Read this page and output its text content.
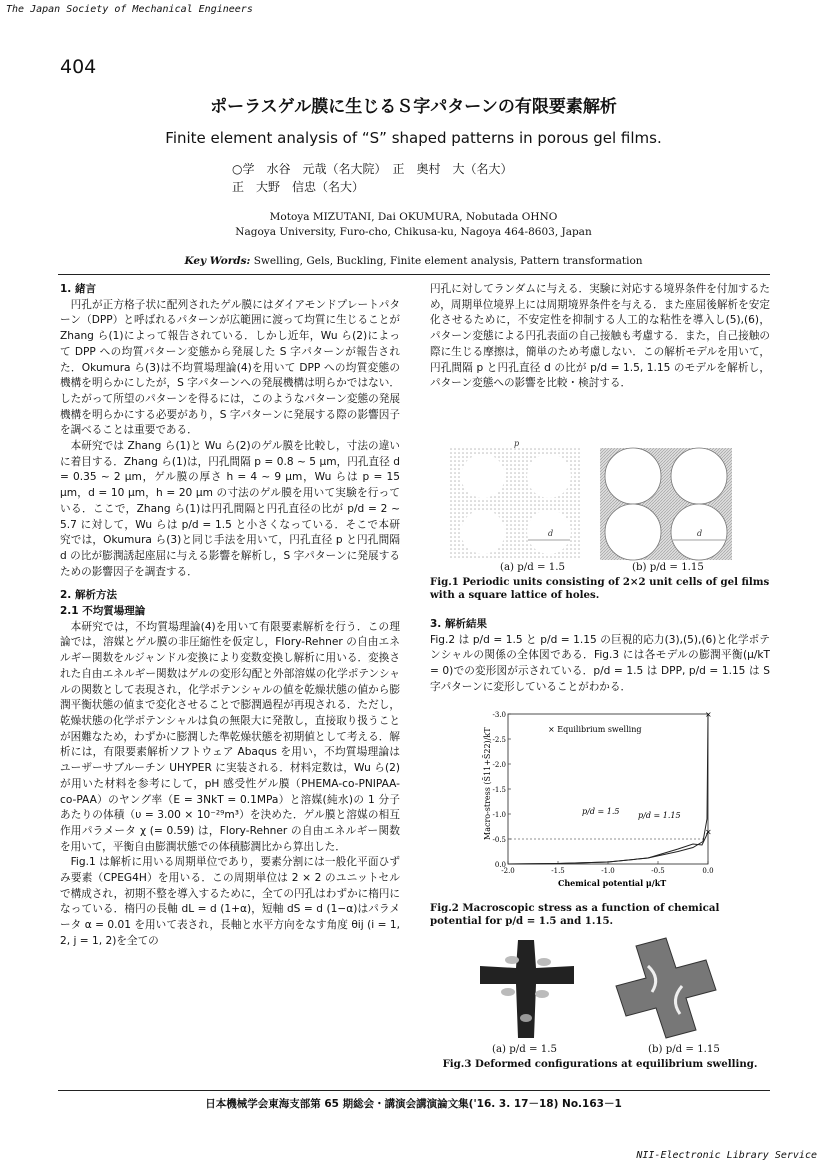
The Japan Society of Mechanical Engineers
404
ポーラスゲル膜に生じるＳ字パターンの有限要素解析
Finite element analysis of “S” shaped patterns in porous gel films.
○学　水谷　元哉（名大院）　正　奥村　大（名大）
正　大野　信忠（名大）
Motoya MIZUTANI, Dai OKUMURA, Nobutada OHNO
Nagoya University, Furo-cho, Chikusa-ku, Nagoya 464-8603, Japan
Key Words: Swelling, Gels, Buckling, Finite element analysis, Pattern transformation

1. 緒言

円孔が正方格子状に配列されたゲル膜にはダイアモンドプレートパターン（DPP）と呼ばれるパターンが広範囲に渡って均質に生じることが Zhang ら(1)によって報告されている．しかし近年，Wu ら(2)によって DPP への均質パターン変態から発展した S 字パターンが報告された．Okumura ら(3)は不均質場理論(4)を用いて DPP への均質変態の機構を明らかにしたが，S 字パターンへの発展機構は明らかではない．したがって所望のパターンを得るには，このようなパターン変態の発展機構を明らかにする必要があり，S 字パターンに発展する際の影響因子を調べることは重要である．

本研究では Zhang ら(1)と Wu ら(2)のゲル膜を比較し，寸法の違いに着目する．Zhang ら(1)は，円孔間隔 p = 0.8 ~ 5 μm，円孔直径 d = 0.35 ~ 2 μm，ゲル膜の厚さ h = 4 ~ 9 μm，Wu らは p = 15 μm，d = 10 μm，h = 20 μm の寸法のゲル膜を用いて実験を行っている．ここで，Zhang ら(1)は円孔間隔と円孔直径の比が p/d = 2 ~ 5.7 に対して，Wu らは p/d = 1.5 と小さくなっている．そこで本研究では，Okumura ら(3)と同じ手法を用いて，円孔直径 p と円孔間隔 d の比が膨潤誘起座屈に与える影響を解析し，S 字パターンに発展するための影響因子を調査する．

2. 解析方法

2.1 不均質場理論

本研究では，不均質場理論(4)を用いて有限要素解析を行う．この理論では，溶媒とゲル膜の非圧縮性を仮定し，Flory-Rehner の自由エネルギー関数をルジャンドル変換により変数変換し解析に用いる．変換された自由エネルギー関数はゲルの変形勾配と外部溶媒の化学ポテンシャルの関数として表現され，化学ポテンシャルの値を乾燥状態の値から膨潤平衡状態の値まで変化させることで膨潤過程が再現される．ただし，乾燥状態の化学ポテンシャルは負の無限大に発散し，直接取り扱うことが困難なため，わずかに膨潤した準乾燥状態を初期値として考える．解析には，有限要素解析ソフトウェア Abaqus を用い，不均質場理論はユーザーサブルーチン UHYPER に実装される．材料定数は，Wu ら(2)が用いた材料を参考にして，pH 感受性ゲル膜（PHEMA-co-PNIPAA-co-PAA）のヤング率（E = 3NkT = 0.1MPa）と溶媒(純水)の 1 分子あたりの体積（υ = 3.00 × 10⁻²⁹m³）を決めた．ゲル膜と溶媒の相互作用パラメータ χ (= 0.59) は，Flory-Rehner の自由エネルギー関数を用いて，平衡自由膨潤状態での体積膨潤比から算出した．

Fig.1 は解析に用いる周期単位であり，要素分割には一般化平面ひずみ要素（CPEG4H）を用いる．この周期単位は 2 × 2 のユニットセルで構成され，初期不整を導入するために，全ての円孔はわずかに楕円になっている．楕円の長軸 dL = d (1+α)，短軸 dS = d (1−α)はパラメータ α = 0.01 を用いて表され，長軸と水平方向をなす角度 θij (i = 1, 2, j = 1, 2)を全ての

円孔に対してランダムに与える．実験に対応する境界条件を付加するため，周期単位境界上には周期境界条件を与える．また座屈後解析を安定化させるために，不安定性を抑制する人工的な粘性を導入し(5),(6)，パターン変態による円孔表面の自己接触も考慮する．また，自己接触の際に生じる摩擦は，簡単のため考慮しない．この解析モデルを用いて，円孔間隔 p と円孔直径 d の比が p/d = 1.5, 1.15 のモデルを解析し，パターン変態への影響を比較・検討する．

p
d	d
(a) p/d = 1.5	(b) p/d = 1.15
Fig.1 Periodic units consisting of 2×2 unit cells of gel films with a square lattice of holes.

3. 解析結果

Fig.2 は p/d = 1.5 と p/d = 1.15 の巨視的応力(3),(5),(6)と化学ポテンシャルの関係の全体図である．Fig.3 には各モデルの膨潤平衡(μ/kT = 0)での変形図が示されている．p/d = 1.5 は DPP, p/d = 1.15 は S 字パターンに変形していることがわかる．

-3.0
-2.5
-2.0
-1.5
-1.0
-0.5
0.0
-2.0	-1.5	-1.0	-0.5	0.0
×
×
× Equilibrium swelling
p/d = 1.5 p/d = 1.15
Macro-stress (S̄11+S̄22)/kT
Chemical potential μ/kT
Fig.2 Macroscopic stress as a function of chemical potential for p/d = 1.5 and 1.15.
(a) p/d = 1.5	(b) p/d = 1.15
Fig.3 Deformed configurations at equilibrium swelling.
日本機械学会東海支部第 65 期総会・講演会講演論文集('16. 3. 17－18) No.163－1
NII-Electronic Library Service
